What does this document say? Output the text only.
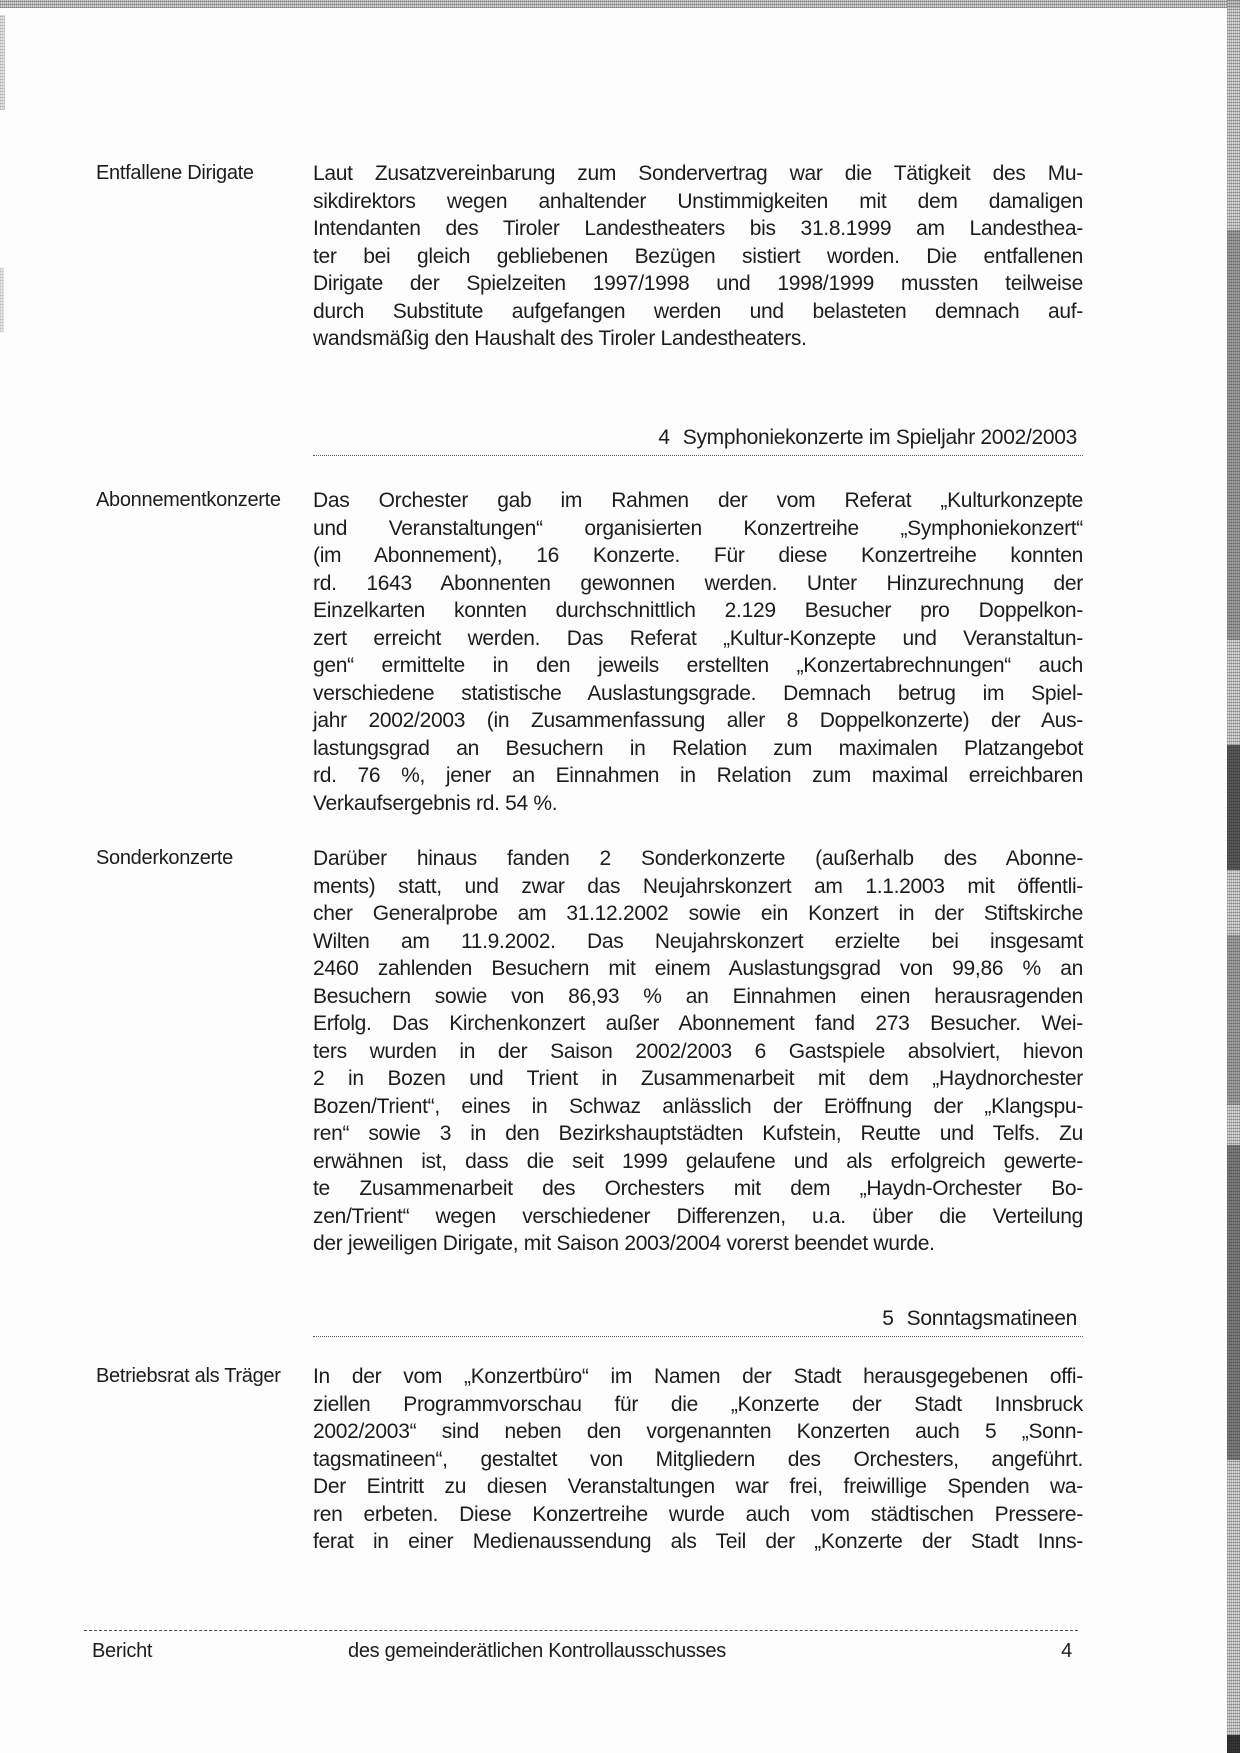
Entfallene Dirigate	Laut Zusatzvereinbarung zum Sondervertrag war die Tätigkeit des Mu-
sikdirektors wegen anhaltender Unstimmigkeiten mit dem damaligen
Intendanten des Tiroler Landestheaters bis 31.8.1999 am Landesthea-
ter bei gleich gebliebenen Bezügen sistiert worden. Die entfallenen
Dirigate der Spielzeiten 1997/1998 und 1998/1999 mussten teilweise
durch Substitute aufgefangen werden und belasteten demnach auf-
wandsmäßig den Haushalt des Tiroler Landestheaters.
4 Symphoniekonzerte im Spieljahr 2002/2003
Abonnementkonzerte	Das Orchester gab im Rahmen der vom Referat „Kulturkonzepte
und Veranstaltungen“ organisierten Konzertreihe „Symphoniekonzert“
(im Abonnement), 16 Konzerte. Für diese Konzertreihe konnten
rd. 1643 Abonnenten gewonnen werden. Unter Hinzurechnung der
Einzelkarten konnten durchschnittlich 2.129 Besucher pro Doppelkon-
zert erreicht werden. Das Referat „Kultur-Konzepte und Veranstaltun-
gen“ ermittelte in den jeweils erstellten „Konzertabrechnungen“ auch
verschiedene statistische Auslastungsgrade. Demnach betrug im Spiel-
jahr 2002/2003 (in Zusammenfassung aller 8 Doppelkonzerte) der Aus-
lastungsgrad an Besuchern in Relation zum maximalen Platzangebot
rd. 76 %, jener an Einnahmen in Relation zum maximal erreichbaren
Verkaufsergebnis rd. 54 %.
Sonderkonzerte	Darüber hinaus fanden 2 Sonderkonzerte (außerhalb des Abonne-
ments) statt, und zwar das Neujahrskonzert am 1.1.2003 mit öffentli-
cher Generalprobe am 31.12.2002 sowie ein Konzert in der Stiftskirche
Wilten am 11.9.2002. Das Neujahrskonzert erzielte bei insgesamt
2460 zahlenden Besuchern mit einem Auslastungsgrad von 99,86 % an
Besuchern sowie von 86,93 % an Einnahmen einen herausragenden
Erfolg. Das Kirchenkonzert außer Abonnement fand 273 Besucher. Wei-
ters wurden in der Saison 2002/2003 6 Gastspiele absolviert, hievon
2 in Bozen und Trient in Zusammenarbeit mit dem „Haydnorchester
Bozen/Trient“, eines in Schwaz anlässlich der Eröffnung der „Klangspu-
ren“ sowie 3 in den Bezirkshauptstädten Kufstein, Reutte und Telfs. Zu
erwähnen ist, dass die seit 1999 gelaufene und als erfolgreich gewerte-
te Zusammenarbeit des Orchesters mit dem „Haydn-Orchester Bo-
zen/Trient“ wegen verschiedener Differenzen, u.a. über die Verteilung
der jeweiligen Dirigate, mit Saison 2003/2004 vorerst beendet wurde.
5 Sonntagsmatineen
Betriebsrat als Träger	In der vom „Konzertbüro“ im Namen der Stadt herausgegebenen offi-
ziellen Programmvorschau für die „Konzerte der Stadt Innsbruck
2002/2003“ sind neben den vorgenannten Konzerten auch 5 „Sonn-
tagsmatineen“, gestaltet von Mitgliedern des Orchesters, angeführt.
Der Eintritt zu diesen Veranstaltungen war frei, freiwillige Spenden wa-
ren erbeten. Diese Konzertreihe wurde auch vom städtischen Pressere-
ferat in einer Medienaussendung als Teil der „Konzerte der Stadt Inns-
Bericht	des gemeinderätlichen Kontrollausschusses	4
